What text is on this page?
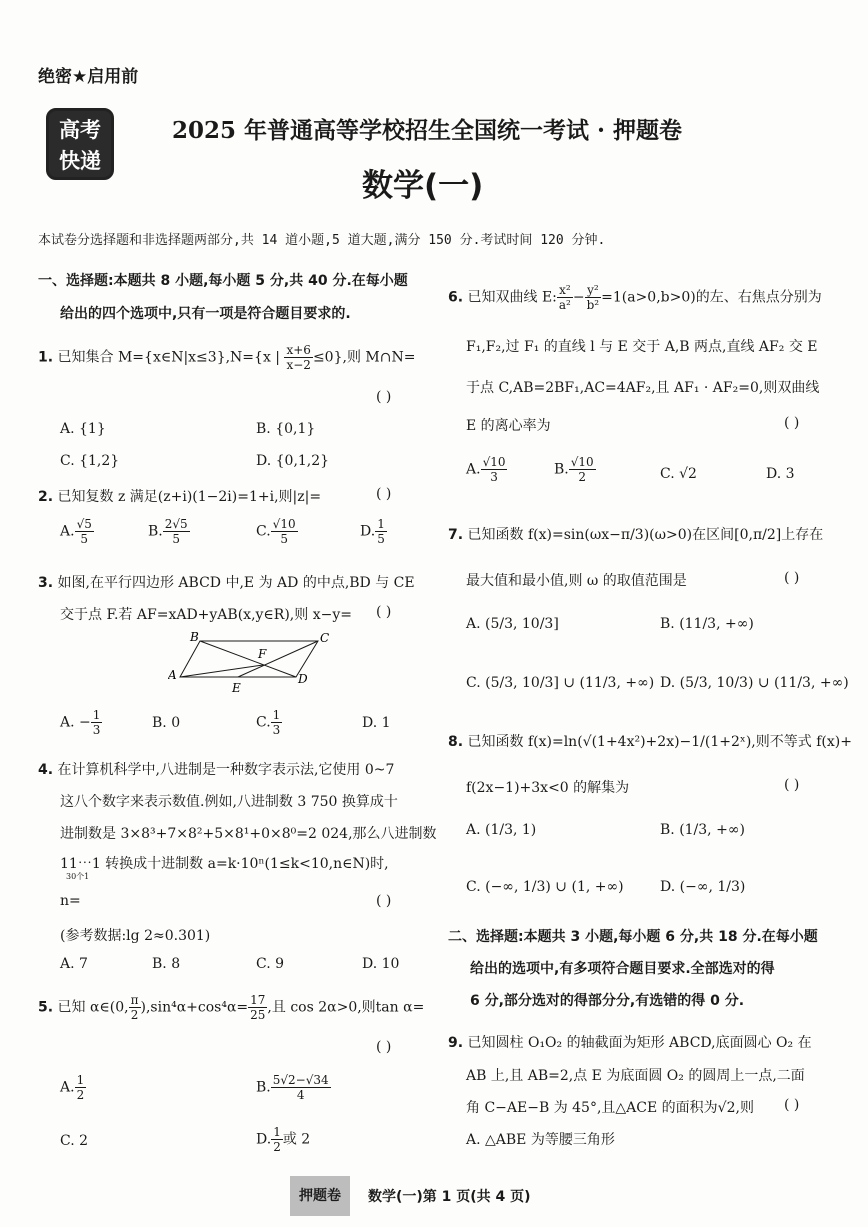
绝密★启用前
高考
快递
2025 年普通高等学校招生全国统一考试 · 押题卷
数学(一)
本试卷分选择题和非选择题两部分,共 14 道小题,5 道大题,满分 150 分.考试时间 120 分钟.
一、选择题:本题共 8 小题,每小题 5 分,共 40 分.在每小题
给出的四个选项中,只有一项是符合题目要求的.
1. 已知集合 M={x∈N|x≤3},N={x | $\frac{x+6}{x-2} \le 0$},则 M∩N=
( )
A. {1}	B. {0,1}
C. {1,2}	D. {0,1,2}
2. 已知复数 z 满足(z+i)(1−2i)=1+i,则|z|=	( )
A. $\frac{√5}{5}$	B. $\frac{2√5}{5}$	C. $\frac{√10}{5}$	D. $\frac{1}{5}$
3. 如图,在平行四边形 ABCD 中,E 为 AD 的中点,BD 与 CE
交于点 F.若 AF=xAD+yAB(x,y∈R),则 x−y= ( )
B	C
F
A
E
D
A. − $\frac{1}{3}$	B. 0	C. $\frac{1}{3}$	D. 1
4. 在计算机科学中,八进制是一种数字表示法,它使用 0~7
这八个数字来表示数值.例如,八进制数 3 750 换算成十
进制数是 3×8³+7×8²+5×8¹+0×8⁰=2 024,那么八进制数
11⋯1 转换成十进制数 a=k·10ⁿ(1≤k<10,n∈N)时,
30个1
n=	( )
(参考数据:lg 2≈0.301)
A. 7	B. 8	C. 9	D. 10
5. 已知 α∈(0, $\frac{\pi}{2} ),\sin^4\alpha+\cos^4\alpha= \frac{17}{25}$ ,且 cos 2α>0,则tan α=
( )
A. $\frac{1}{2}$	B. $\frac{5√2-√34}{4}$
C. 2	D. $\frac{1}{2}$ 或 2
6. 已知双曲线 E: $\frac{\text{x²}}{\text{a²}} - \frac{\text{y²}}{\text{b²}} =1(a>0,b>0)$的左、右焦点分别为
F₁,F₂,过 F₁ 的直线 l 与 E 交于 A,B 两点,直线 AF₂ 交 E
于点 C,AB=2BF₁,AC=4AF₂,且 AF₁ · AF₂=0,则双曲线
E 的离心率为	( )
A. $\frac{√10}{3}$	B. $\frac{√10}{2}$	C. √2	D. 3
7. 已知函数 f(x)=sin(ωx−π/3)(ω>0)在区间[0,π/2]上存在
最大值和最小值,则 ω 的取值范围是	( )
A. (5/3, 10/3]	B. (11/3, +∞)
C. (5/3, 10/3] ∪ (11/3, +∞) D. (5/3, 10/3) ∪ (11/3, +∞)
8. 已知函数 f(x)=ln(√(1+4x²)+2x)−1/(1+2ˣ),则不等式 f(x)+
f(2x−1)+3x<0 的解集为	( )
A. (1/3, 1)	B. (1/3, +∞)
C. (−∞, 1/3) ∪ (1, +∞)	D. (−∞, 1/3)
二、选择题:本题共 3 小题,每小题 6 分,共 18 分.在每小题
给出的选项中,有多项符合题目要求.全部选对的得
6 分,部分选对的得部分分,有选错的得 0 分.
9. 已知圆柱 O₁O₂ 的轴截面为矩形 ABCD,底面圆心 O₂ 在
AB 上,且 AB=2,点 E 为底面圆 O₂ 的圆周上一点,二面
角 C−AE−B 为 45°,且△ACE 的面积为√2,则 ( )
A. △ABE 为等腰三角形
押题卷	数学(一)第 1 页(共 4 页)
